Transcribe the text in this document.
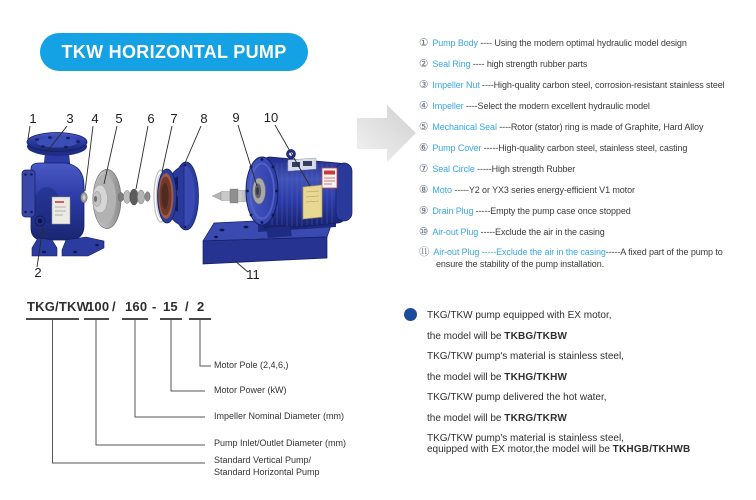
1 3 4 5 6 7 8 9 10
2	11
TKW HORIZONTAL PUMP	① Pump Body ---- Using the modern optimal hydraulic model design
② Seal Ring ---- high strength rubber parts
③ Impeller Nut ----High-quality carbon steel, corrosion-resistant stainless steel
④ Impeller ----Select the modern excellent hydraulic model
⑤ Mechanical Seal ----Rotor (stator) ring is made of Graphite, Hard Alloy
⑥ Pump Cover -----High-quality carbon steel, stainless steel, casting
⑦ Seal Circle -----High strength Rubber
⑧ Moto -----Y2 or YX3 series energy-efficient V1 motor
⑨ Drain Plug -----Empty the pump case once stopped
⑩ Air-out Plug -----Exclude the air in the casing
⑪ Air-out Plug -----Exclude the air in the casing-----A fixed part of the pump to
ensure the stability of the pump installation.
TKG/TKW
100 / 160 - 15 / 2
Motor Pole (2,4,6,)
Motor Power (kW)
Impeller Nominal Diameter (mm)
Pump Inlet/Outlet Diameter (mm)
Standard Vertical Pump/
Standard Horizontal Pump
TKG/TKW pump equipped with EX motor,
the model will be TKBG/TKBW
TKG/TKW pump's material is stainless steel,
the model will be TKHG/TKHW
TKG/TKW pump delivered the hot water,
the model will be TKRG/TKRW
TKG/TKW pump's material is stainless steel,
equipped with EX motor,the model will be TKHGB/TKHWB
